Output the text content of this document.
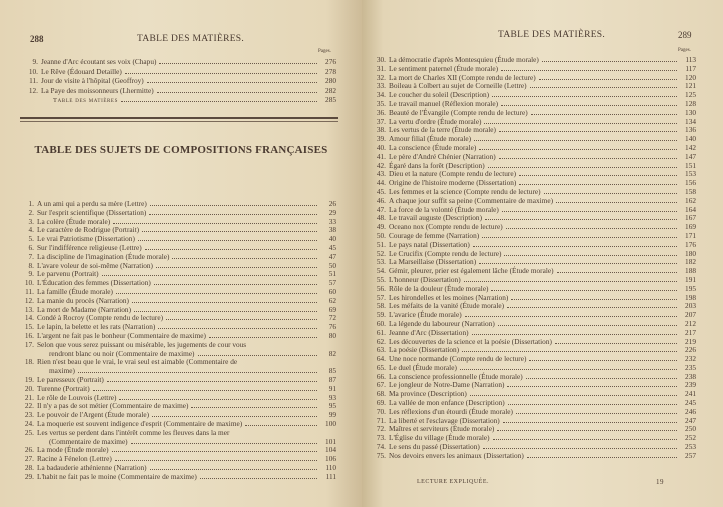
288	TABLE DES MATIÈRES.
Pages.
9. Jeanne d'Arc écoutant ses voix (Chapu)	276
10. Le Rêve (Édouard Detaille)	278
11. Jour de visite à l'hôpital (Geoffroy)	280
12. La Paye des moissonneurs (Lhermitte)	282
Table des matières	285
TABLE DES SUJETS DE COMPOSITIONS FRANÇAISES
1. A un ami qui a perdu sa mère (Lettre)	26
2. Sur l'esprit scientifique (Dissertation)	29
3. La colère (Étude morale)	33
4. Le caractère de Rodrigue (Portrait)	38
5. Le vrai Patriotisme (Dissertation)	40
6. Sur l'indifférence religieuse (Lettre)	45
7. La discipline de l'imagination (Étude morale)	47
8. L'avare voleur de soi-même (Narration)	50
9. Le parvenu (Portrait)	51
10. L'Éducation des femmes (Dissertation)	57
11. La famille (Étude morale)	60
12. La manie du procès (Narration)	62
13. La mort de Madame (Narration)	69
14. Condé à Rocroy (Compte rendu de lecture)	72
15. Le lapin, la belette et les rats (Narration)	76
16. L'argent ne fait pas le bonheur (Commentaire de maxime)	80
17. Selon que vous serez puissant ou misérable, les jugements de cour vous
rendront blanc ou noir (Commentaire de maxime)	82
18. Rien n'est beau que le vrai, le vrai seul est aimable (Commentaire de
maxime)	85
19. Le paresseux (Portrait)	87
20. Turenne (Portrait)	91
21. Le rôle de Louvois (Lettre)	93
22. Il n'y a pas de sot métier (Commentaire de maxime)	95
23. Le pouvoir de l'Argent (Étude morale)	99
24. La moquerie est souvent indigence d'esprit (Commentaire de maxime)	100
25. Les vertus se perdent dans l'intérêt comme les fleuves dans la mer
(Commentaire de maxime)	101
26. La mode (Étude morale)	104
27. Racine à Fénelon (Lettre)	106
28. La badauderie athénienne (Narration)	110
29. L'habit ne fait pas le moine (Commentaire de maxime)	111
TABLE DES MATIÈRES.	289
Pages.
30. La démocratie d'après Montesquieu (Étude morale)	113
31. Le sentiment paternel (Étude morale)	117
32. La mort de Charles XII (Compte rendu de lecture)	120
33. Boileau à Colbert au sujet de Corneille (Lettre)	121
34. Le coucher du soleil (Description)	125
35. Le travail manuel (Réflexion morale)	128
36. Beauté de l'Évangile (Compte rendu de lecture)	130
37. La vertu d'ordre (Étude morale)	134
38. Les vertus de la terre (Étude morale)	136
39. Amour filial (Étude morale)	140
40. La conscience (Étude morale)	142
41. Le père d'André Chénier (Narration)	147
42. Égaré dans la forêt (Description)	151
43. Dieu et la nature (Compte rendu de lecture)	153
44. Origine de l'histoire moderne (Dissertation)	156
45. Les femmes et la science (Compte rendu de lecture)	158
46. A chaque jour suffit sa peine (Commentaire de maxime)	162
47. La force de la volonté (Étude morale)	164
48. Le travail auguste (Description)	167
49. Oceano nox (Compte rendu de lecture)	169
50. Courage de femme (Narration)	171
51. Le pays natal (Dissertation)	176
52. Le Crucifix (Compte rendu de lecture)	180
53. La Marseillaise (Dissertation)	182
54. Gémir, pleurer, prier est également lâche (Étude morale)	188
55. L'honneur (Dissertation)	191
56. Rôle de la douleur (Étude morale)	195
57. Les hirondelles et les moines (Narration)	198
58. Les méfaits de la vanité (Étude morale)	203
59. L'avarice (Étude morale)	207
60. La légende du laboureur (Narration)	212
61. Jeanne d'Arc (Dissertation)	217
62. Les découvertes de la science et la poésie (Dissertation)	219
63. La poésie (Dissertation)	226
64. Une noce normande (Compte rendu de lecture)	232
65. Le duel (Étude morale)	235
66. La conscience professionnelle (Étude morale)	238
67. Le jongleur de Notre-Dame (Narration)	239
68. Ma province (Description)	241
69. La vallée de mon enfance (Description)	245
70. Les réflexions d'un étourdi (Étude morale)	246
71. La liberté et l'esclavage (Dissertation)	247
72. Maîtres et serviteurs (Étude morale)	250
73. L'Église du village (Étude morale)	252
74. Le sens du passé (Dissertation)	253
75. Nos devoirs envers les animaux (Dissertation)	257
LECTURE EXPLIQUÉE.	19
